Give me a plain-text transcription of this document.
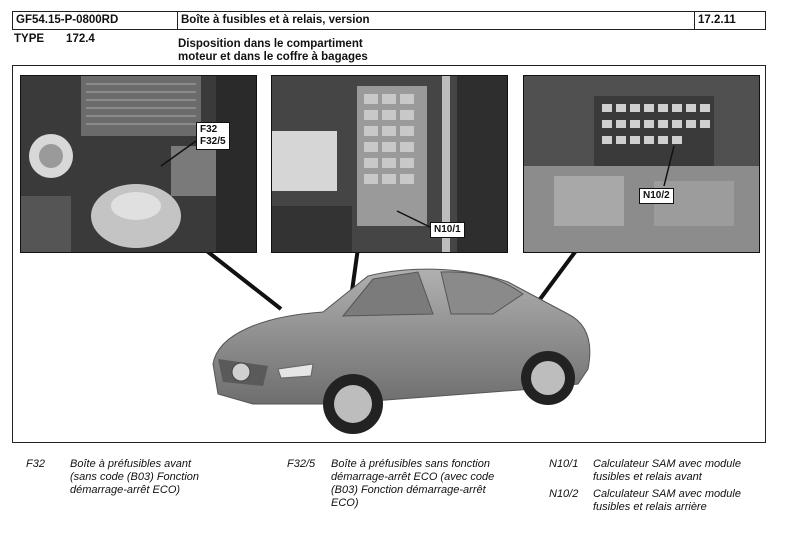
GF54.15-P-0800RD	Boîte à fusibles et à relais, version	17.2.11
TYPE 172.4	Disposition dans le compartiment
moteur et dans le coffre à bagages
F32
F32/5
N10/1
N10/2
F32 Boîte à préfusibles avant
(sans code (B03) Fonction
démarrage-arrêt ECO)
F32/5 Boîte à préfusibles sans fonction
démarrage-arrêt ECO (avec code
(B03) Fonction démarrage-arrêt
ECO)
N10/1 Calculateur SAM avec module
fusibles et relais avant
N10/2 Calculateur SAM avec module
fusibles et relais arrière
